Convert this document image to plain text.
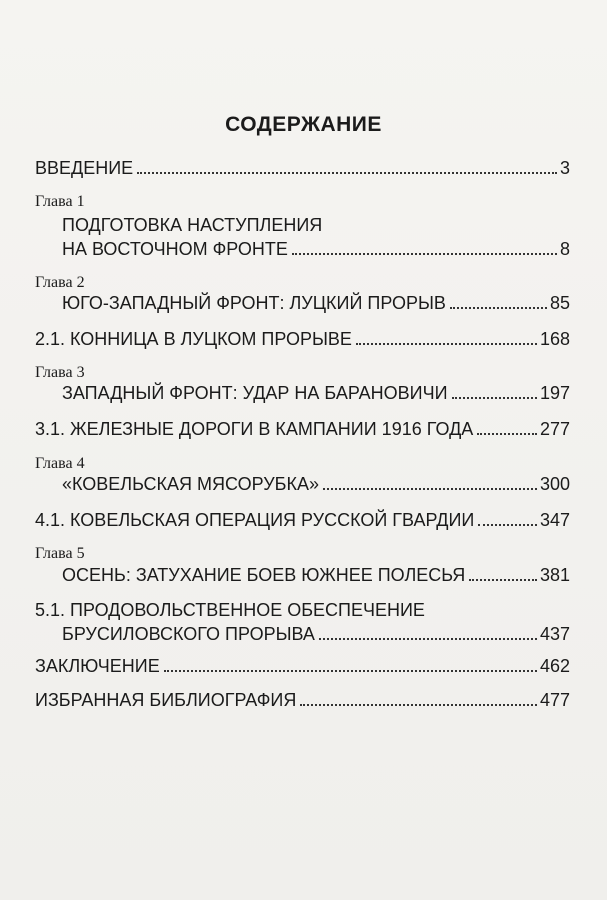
СОДЕРЖАНИЕ
ВВЕДЕНИЕ	3
Глава 1
ПОДГОТОВКА НАСТУПЛЕНИЯ
НА ВОСТОЧНОМ ФРОНТЕ	8
Глава 2
ЮГО-ЗАПАДНЫЙ ФРОНТ: ЛУЦКИЙ ПРОРЫВ	85
2.1. КОННИЦА В ЛУЦКОМ ПРОРЫВЕ	168
Глава 3
ЗАПАДНЫЙ ФРОНТ: УДАР НА БАРАНОВИЧИ	197
3.1. ЖЕЛЕЗНЫЕ ДОРОГИ В КАМПАНИИ 1916 ГОДА	277
Глава 4
«КОВЕЛЬСКАЯ МЯСОРУБКА»	300
4.1. КОВЕЛЬСКАЯ ОПЕРАЦИЯ РУССКОЙ ГВАРДИИ	347
Глава 5
ОСЕНЬ: ЗАТУХАНИЕ БОЕВ ЮЖНЕЕ ПОЛЕСЬЯ	381
5.1. ПРОДОВОЛЬСТВЕННОЕ ОБЕСПЕЧЕНИЕ
БРУСИЛОВСКОГО ПРОРЫВА	437
ЗАКЛЮЧЕНИЕ	462
ИЗБРАННАЯ БИБЛИОГРАФИЯ	477
